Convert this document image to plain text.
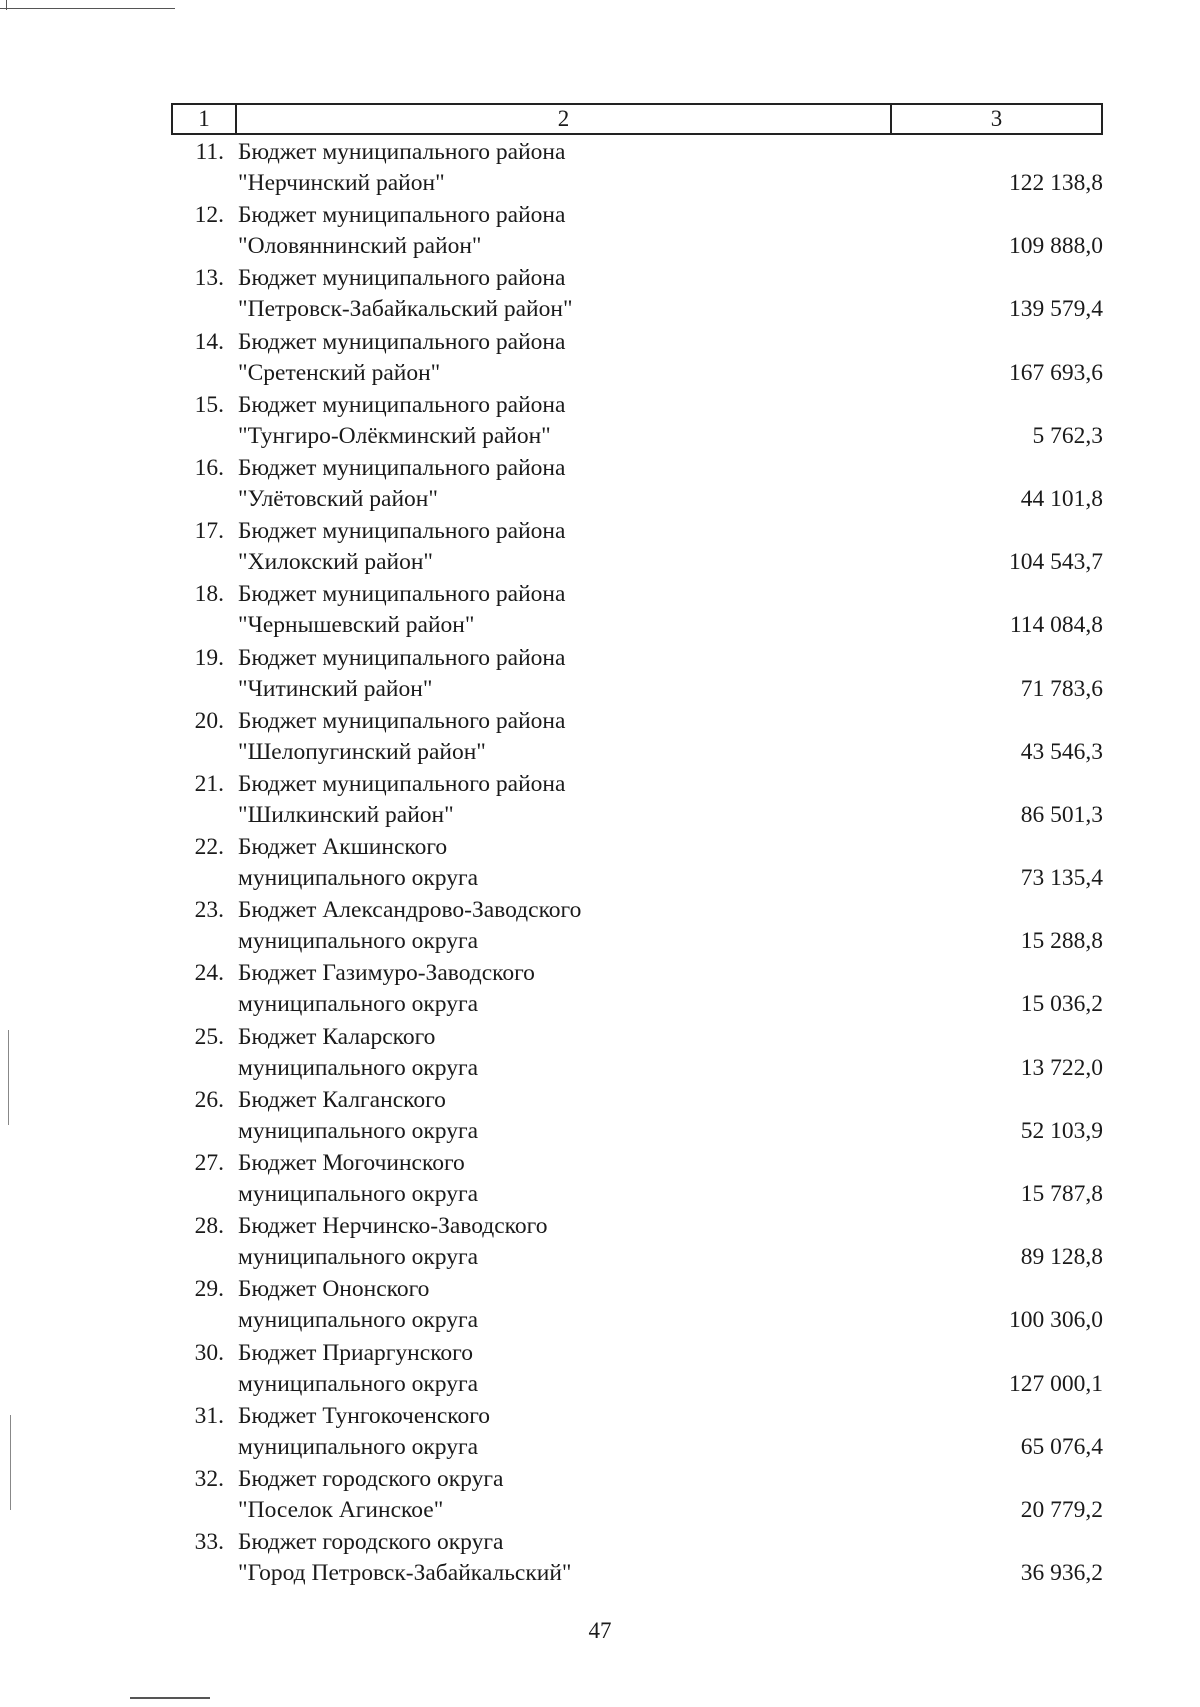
1	2	3
11. Бюджет муниципального района
"Нерчинский район"	122 138,8
12. Бюджет муниципального района
"Оловяннинский район"	109 888,0
13. Бюджет муниципального района
"Петровск-Забайкальский район"	139 579,4
14. Бюджет муниципального района
"Сретенский район"	167 693,6
15. Бюджет муниципального района
"Тунгиро-Олёкминский район"	5 762,3
16. Бюджет муниципального района
"Улётовский район"	44 101,8
17. Бюджет муниципального района
"Хилокский район"	104 543,7
18. Бюджет муниципального района
"Чернышевский район"	114 084,8
19. Бюджет муниципального района
"Читинский район"	71 783,6
20. Бюджет муниципального района
"Шелопугинский район"	43 546,3
21. Бюджет муниципального района
"Шилкинский район"	86 501,3
22. Бюджет Акшинского
муниципального округа	73 135,4
23. Бюджет Александрово-Заводского
муниципального округа	15 288,8
24. Бюджет Газимуро-Заводского
муниципального округа	15 036,2
25. Бюджет Каларского
муниципального округа	13 722,0
26. Бюджет Калганского
муниципального округа	52 103,9
27. Бюджет Могочинского
муниципального округа	15 787,8
28. Бюджет Нерчинско-Заводского
муниципального округа	89 128,8
29. Бюджет Ононского
муниципального округа	100 306,0
30. Бюджет Приаргунского
муниципального округа	127 000,1
31. Бюджет Тунгокоченского
муниципального округа	65 076,4
32. Бюджет городского округа
"Поселок Агинское"	20 779,2
33. Бюджет городского округа
"Город Петровск-Забайкальский"	36 936,2
47
